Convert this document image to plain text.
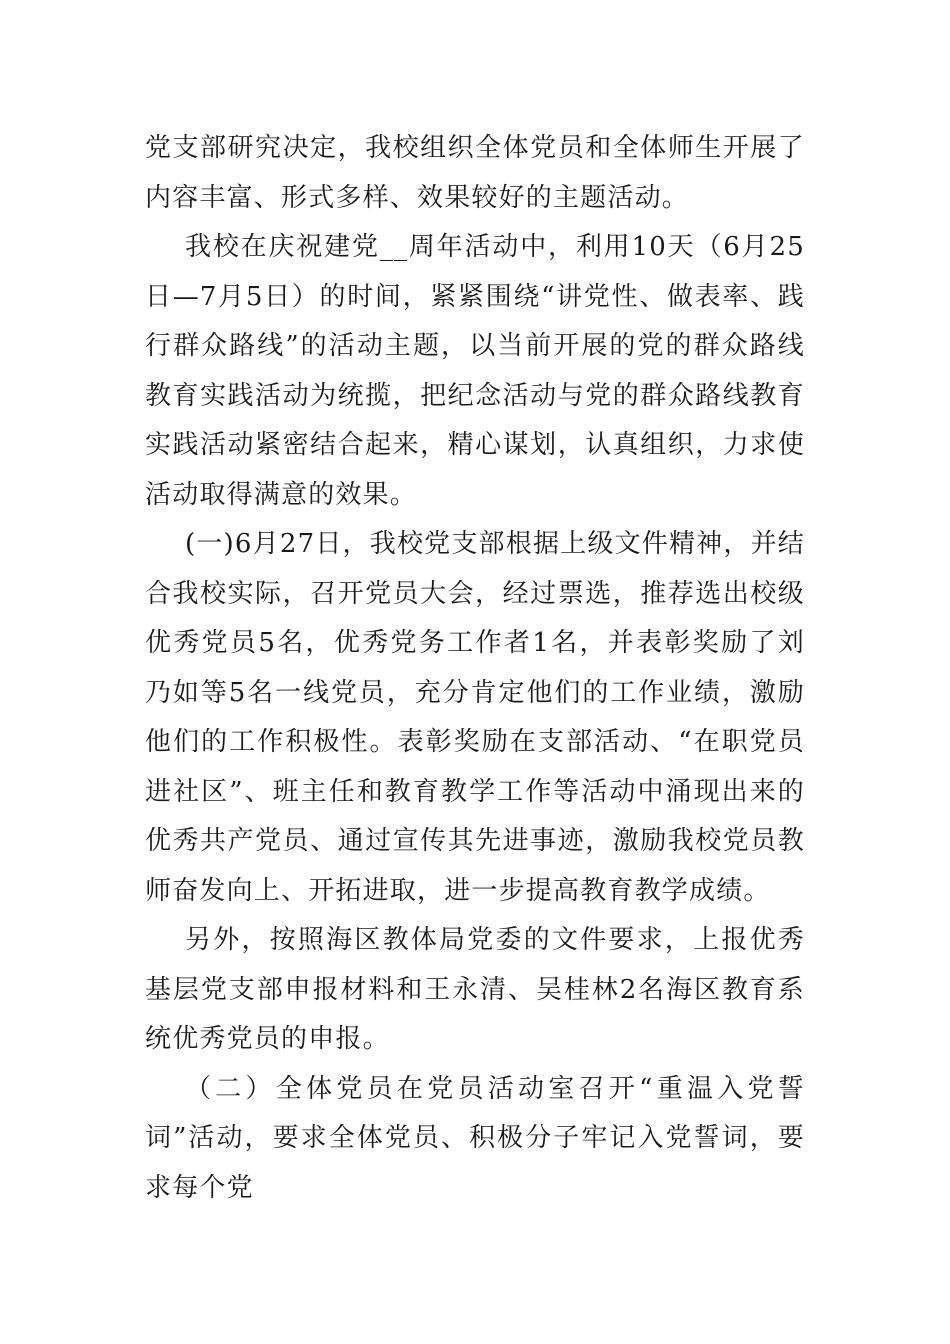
党支部研究决定，我校组织全体党员和全体师生开展了内容丰富、形式多样、效果较好的主题活动。

我校在庆祝建党__周年活动中，利用10天（6月25日—7月5日）的时间，紧紧围绕“讲党性、做表率、践行群众路线”的活动主题，以当前开展的党的群众路线教育实践活动为统揽，把纪念活动与党的群众路线教育实践活动紧密结合起来，精心谋划，认真组织，力求使活动取得满意的效果。

(一)6月27日，我校党支部根据上级文件精神，并结合我校实际，召开党员大会，经过票选，推荐选出校级优秀党员5名，优秀党务工作者1名，并表彰奖励了刘乃如等5名一线党员，充分肯定他们的工作业绩，激励他们的工作积极性。表彰奖励在支部活动、“在职党员进社区”、班主任和教育教学工作等活动中涌现出来的优秀共产党员、通过宣传其先进事迹，激励我校党员教师奋发向上、开拓进取，进一步提高教育教学成绩。

另外，按照海区教体局党委的文件要求，上报优秀基层党支部申报材料和王永清、吴桂林2名海区教育系统优秀党员的申报。

（二）全体党员在党员活动室召开“重温入党誓词”活动，要求全体党员、积极分子牢记入党誓词，要求每个党
